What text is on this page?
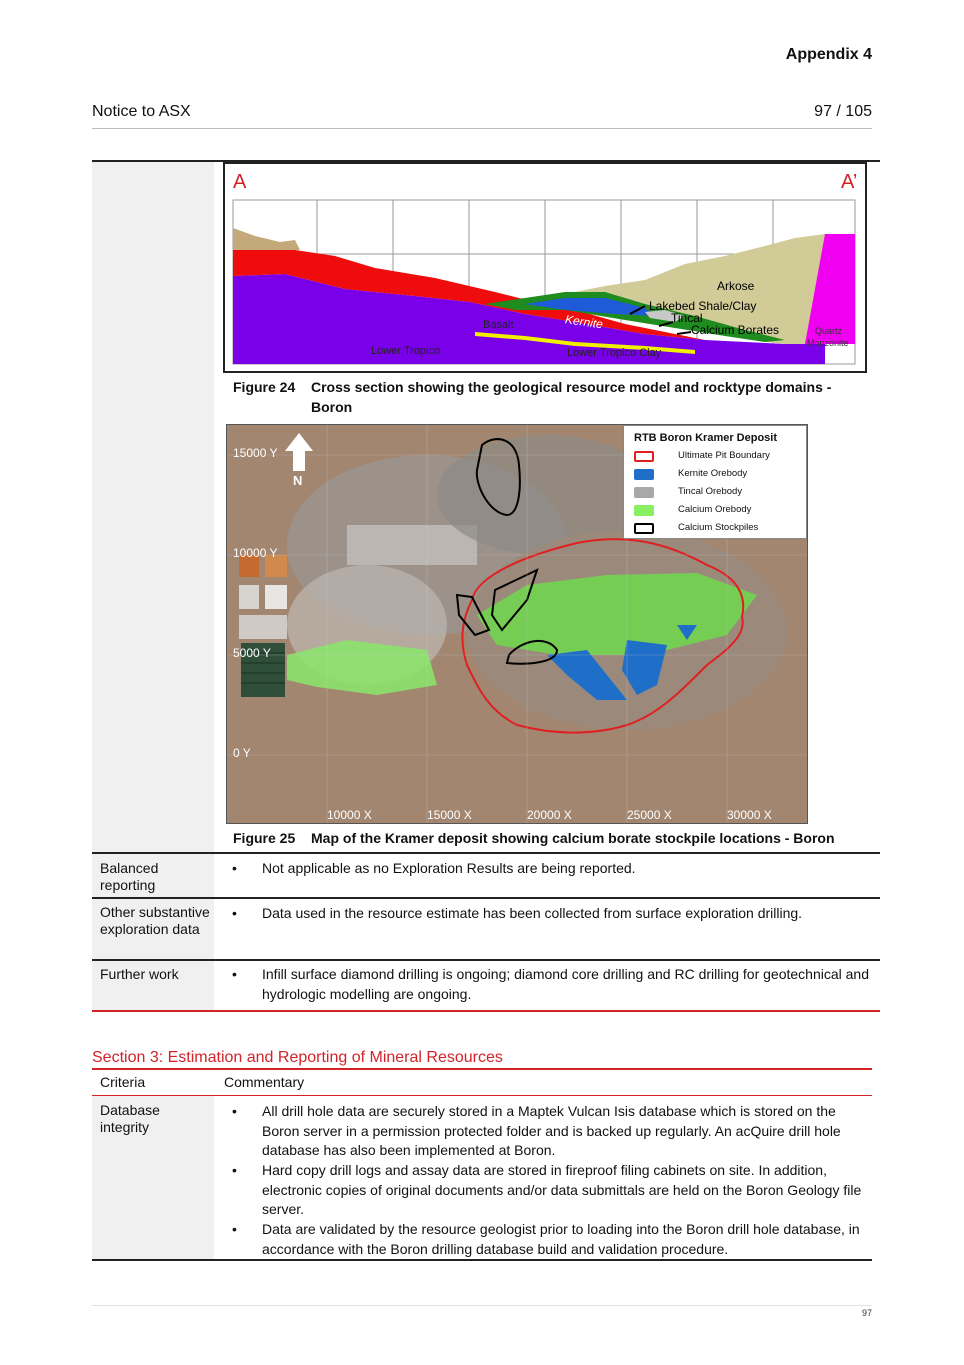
Appendix 4
Notice to ASX	97 / 105
A	A’
Arkose
Lakebed Shale/Clay
Tincal
Calcium Borates
Basalt	Kernite
Lower Tropico	Lower Tropico Clay
Quartz
Monzonite
Figure 24 Cross section showing the geological resource model and rocktype domains -
Boron
N
15000 Y
10000 Y
5000 Y
0 Y
10000 X	15000 X	20000 X	25000 X	30000 X
RTB Boron Kramer Deposit
Ultimate Pit Boundary
Kernite Orebody
Tincal Orebody
Calcium Orebody
Calcium Stockpiles
Figure 25 Map of the Kramer deposit showing calcium borate stockpile locations - Boron
Balanced reporting
• Not applicable as no Exploration Results are being reported.
Other substantive exploration data
• Data used in the resource estimate has been collected from surface exploration drilling.
Further work	• Infill surface diamond drilling is ongoing; diamond core drilling and RC drilling for geotechnical and hydrologic modelling are ongoing.
Section 3: Estimation and Reporting of Mineral Resources
Criteria	Commentary
Database integrity
• All drill hole data are securely stored in a Maptek Vulcan Isis database which is stored on the Boron server in a permission protected folder and is backed up regularly. An acQuire drill hole database has also been implemented at Boron.
• Hard copy drill logs and assay data are stored in fireproof filing cabinets on site. In addition, electronic copies of original documents and/or data submittals are held on the Boron Geology file server.
• Data are validated by the resource geologist prior to loading into the Boron drill hole database, in accordance with the Boron drilling database build and validation procedure.
97
